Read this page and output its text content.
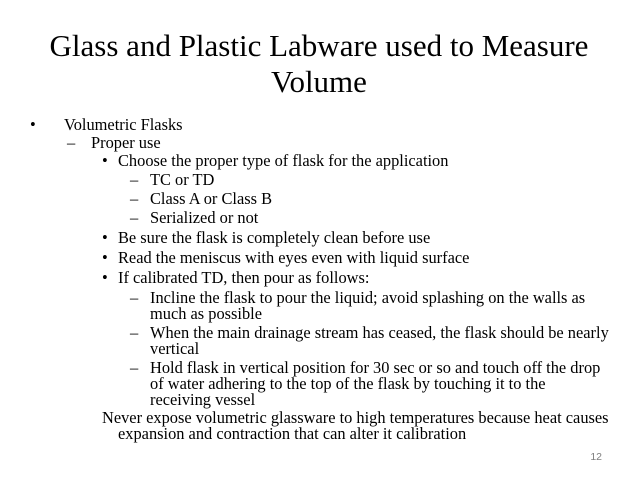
Glass and Plastic Labware used to Measure
Volume
• Volumetric Flasks
– Proper use
• Choose the proper type of flask for the application
– TC or TD
– Class A or Class B
– Serialized or not
• Be sure the flask is completely clean before use
• Read the meniscus with eyes even with liquid surface
• If calibrated TD, then pour as follows:
– Incline the flask to pour the liquid; avoid splashing on the walls as
much as possible
– When the main drainage stream has ceased, the flask should be nearly
vertical
– Hold flask in vertical position for 30 sec or so and touch off the drop
of water adhering to the top of the flask by touching it to the
receiving vessel
Never expose volumetric glassware to high temperatures because heat causes
expansion and contraction that can alter it calibration
12
